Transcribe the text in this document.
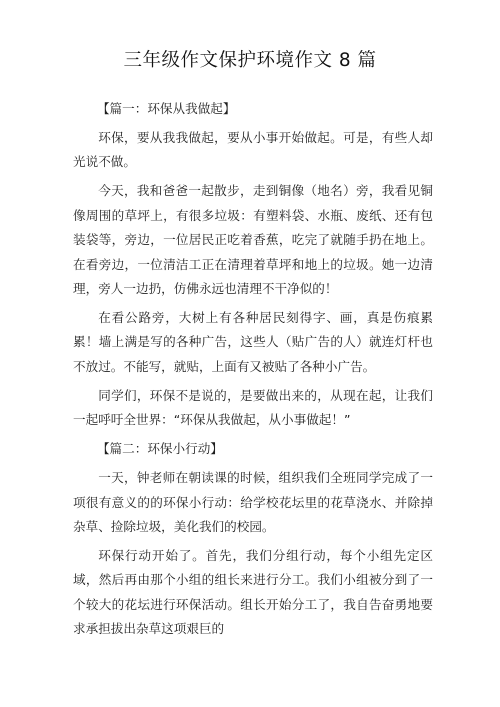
三年级作文保护环境作文 8 篇

【篇一：环保从我做起】

环保，要从我我做起，要从小事开始做起。可是，有些人却光说不做。

今天，我和爸爸一起散步，走到铜像（地名）旁，我看见铜像周围的草坪上，有很多垃圾：有塑料袋、水瓶、废纸、还有包装袋等，旁边，一位居民正吃着香蕉，吃完了就随手扔在地上。在看旁边，一位清洁工正在清理着草坪和地上的垃圾。她一边清理，旁人一边扔，仿佛永远也清理不干净似的！

在看公路旁，大树上有各种居民刻得字、画，真是伤痕累累！墙上满是写的各种广告，这些人（贴广告的人）就连灯杆也不放过。不能写，就贴，上面有又被贴了各种小广告。

同学们，环保不是说的，是要做出来的，从现在起，让我们一起呼吁全世界：“环保从我做起，从小事做起！”

【篇二：环保小行动】

一天，钟老师在朝读课的时候，组织我们全班同学完成了一项很有意义的的环保小行动：给学校花坛里的花草浇水、并除掉杂草、捡除垃圾，美化我们的校园。

环保行动开始了。首先，我们分组行动，每个小组先定区域，然后再由那个小组的组长来进行分工。我们小组被分到了一个较大的花坛进行环保活动。组长开始分工了，我自告奋勇地要求承担拔出杂草这项艰巨的
